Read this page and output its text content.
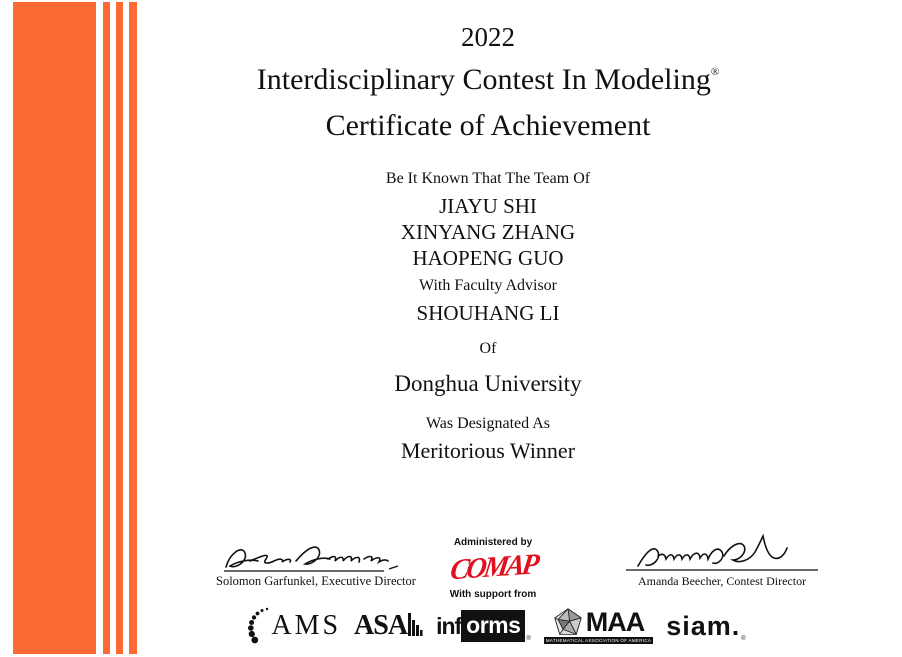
2022
Interdisciplinary Contest In Modeling®
Certificate of Achievement
Be It Known That The Team Of
JIAYU SHI
XINYANG ZHANG
HAOPENG GUO
With Faculty Advisor
SHOUHANG LI
Of
Donghua University
Was Designated As
Meritorious Winner
Solomon Garfunkel, Executive Director
Administered by
COMAP
With support from
Amanda Beecher, Contest Director
AMS ASA inf orms
®
MAA
MATHEMATICAL ASSOCIATION OF AMERICA siam. ®
